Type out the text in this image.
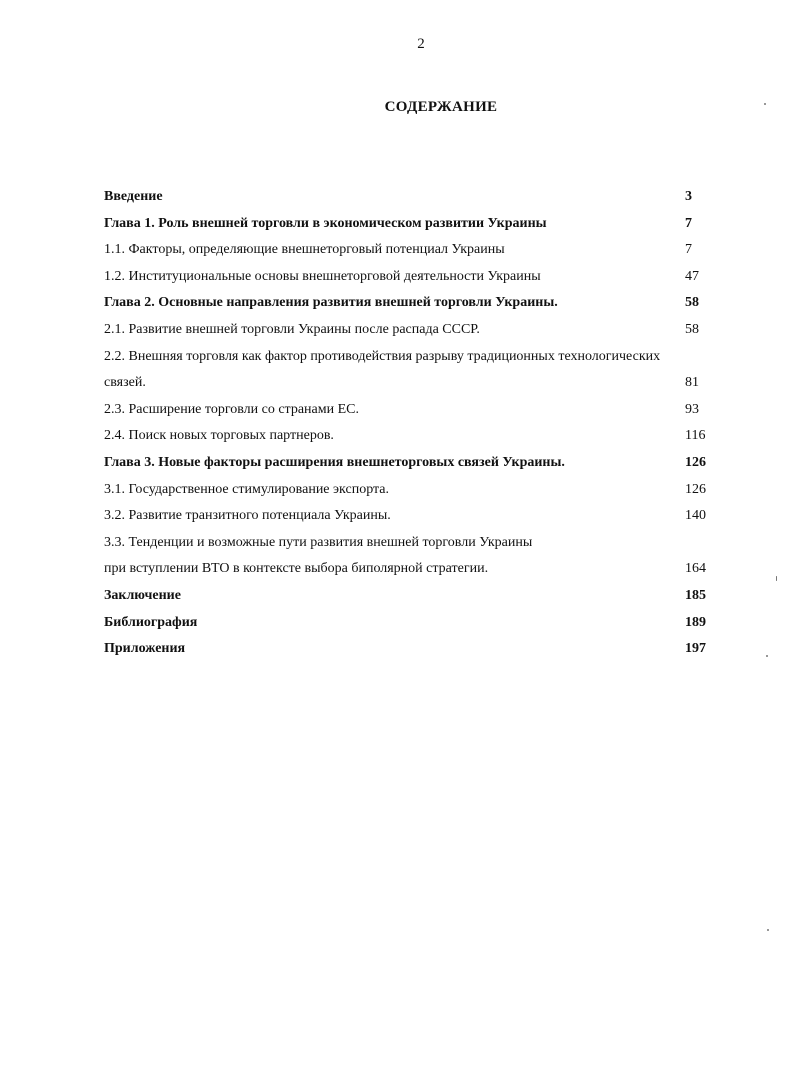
2
СОДЕРЖАНИЕ
Введение	3
Глава 1. Роль внешней торговли в экономическом развитии Украины	7
1.1. Факторы, определяющие внешнеторговый потенциал Украины	7
1.2. Институциональные основы внешнеторговой деятельности Украины	47
Глава 2. Основные направления развития внешней торговли Украины.	58
2.1. Развитие внешней торговли Украины после распада СССР.	58
2.2. Внешняя торговля как фактор противодействия разрыву традиционных технологических
связей.	81
2.3. Расширение торговли со странами ЕС.	93
2.4. Поиск новых торговых партнеров.	116
Глава 3. Новые факторы расширения внешнеторговых связей Украины.	126
3.1. Государственное стимулирование экспорта.	126
3.2. Развитие транзитного потенциала Украины.	140
3.3. Тенденции и возможные пути развития внешней торговли Украины
при вступлении ВТО в контексте выбора биполярной стратегии.	164
Заключение	185
Библиография	189
Приложения	197
